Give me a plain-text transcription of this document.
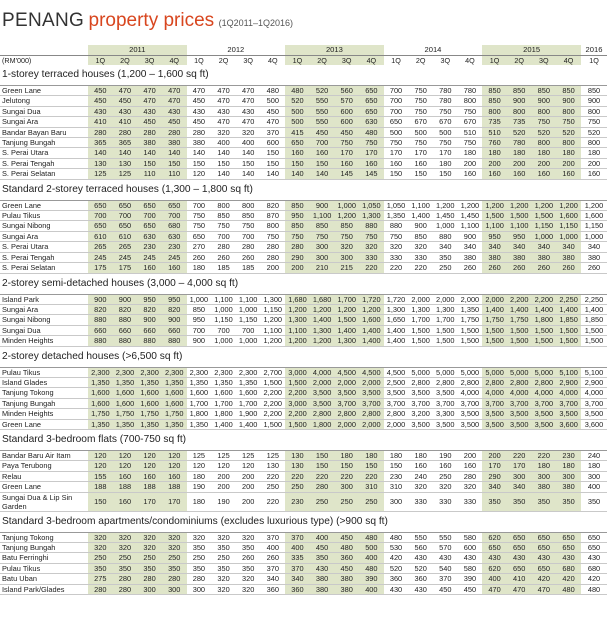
PENANG property prices (1Q2011–1Q2016)
	2011				2012				2013				2014				2015				2016
(RM'000)	1Q	2Q	3Q	4Q	1Q	2Q	3Q	4Q	1Q	2Q	3Q	4Q	1Q	2Q	3Q	4Q	1Q	2Q	3Q	4Q	1Q
1-storey terraced houses (1,200 – 1,600 sq ft)																					
Green Lane	450	470	470	470	470	470	470	480	480	520	560	650	700	750	780	780	850	850	850	850	850
Jelutong	450	450	470	470	450	470	470	500	520	550	570	650	700	750	780	800	850	900	900	900	900
Sungai Dua	430	430	430	430	430	430	430	450	500	550	600	650	700	750	750	750	800	800	800	800	800
Sungai Ara	410	410	450	450	450	470	470	470	500	550	600	630	650	670	670	670	735	735	750	750	750
Bandar Bayan Baru	280	280	280	280	280	320	320	370	415	450	450	480	500	500	500	510	510	520	520	520	520
Tanjung Bungah	365	365	380	380	380	400	400	600	650	700	750	750	750	750	750	750	760	780	800	800	800
S. Perai Utara	140	140	140	140	140	140	140	150	160	160	170	170	170	170	170	180	180	180	180	180	180
S. Perai Tengah	130	130	150	150	150	150	150	150	150	150	160	160	160	160	180	200	200	200	200	200	200
S. Perai Selatan	125	125	110	110	120	140	140	140	140	140	145	145	150	150	150	160	160	160	160	160	160
Standard 2-storey terraced houses (1,300 – 1,800 sq ft)																					
Green Lane	650	650	650	650	700	800	800	820	850	900	1,000	1,050	1,050	1,100	1,200	1,200	1,200	1,200	1,200	1,200	1,200
Pulau Tikus	700	700	700	700	750	850	850	870	950	1,100	1,200	1,300	1,350	1,400	1,450	1,450	1,500	1,500	1,500	1,600	1,600
Sungai Nibong	650	650	650	680	750	750	750	800	850	850	850	880	880	900	1,000	1,100	1,100	1,100	1,150	1,150	1,150
Sungai Ara	610	610	630	630	650	700	700	750	750	750	750	750	750	850	880	900	950	950	1,000	1,000	1,000
S. Perai Utara	265	265	230	230	270	280	280	280	280	300	320	320	320	320	340	340	340	340	340	340	340
S. Perai Tengah	245	245	245	245	260	260	260	280	290	300	300	330	330	330	350	380	380	380	380	380	380
S. Perai Selatan	175	175	160	160	180	185	185	200	200	210	215	220	220	220	250	260	260	260	260	260	260
2-storey semi-detached houses (3,000 – 4,000 sq ft)																					
Island Park	900	900	950	950	1,000	1,100	1,100	1,300	1,680	1,680	1,700	1,720	1,720	2,000	2,000	2,000	2,000	2,200	2,200	2,250	2,250
Sungai Ara	820	820	820	820	850	1,000	1,000	1,150	1,200	1,200	1,200	1,200	1,300	1,300	1,300	1,350	1,400	1,400	1,400	1,400	1,400
Sungai Nibong	880	880	900	900	950	1,150	1,150	1,200	1,300	1,400	1,500	1,600	1,650	1,700	1,700	1,750	1,750	1,750	1,800	1,850	1,850
Sungai Dua	660	660	660	660	700	700	700	1,100	1,100	1,300	1,400	1,400	1,400	1,500	1,500	1,500	1,500	1,500	1,500	1,500	1,500
Minden Heights	880	880	880	880	900	1,000	1,000	1,200	1,200	1,200	1,300	1,400	1,400	1,500	1,500	1,500	1,500	1,500	1,500	1,500	1,500
2-storey detached houses (>6,500 sq ft)																					
Pulau Tikus	2,300	2,300	2,300	2,300	2,300	2,300	2,300	2,700	3,000	4,000	4,500	4,500	4,500	5,000	5,000	5,000	5,000	5,000	5,000	5,100	5,100
Island Glades	1,350	1,350	1,350	1,350	1,350	1,350	1,350	1,500	1,500	2,000	2,000	2,000	2,500	2,800	2,800	2,800	2,800	2,800	2,800	2,900	2,900
Tanjung Tokong	1,600	1,600	1,600	1,600	1,600	1,600	1,600	2,200	2,200	3,500	3,500	3,500	3,500	3,500	3,500	4,000	4,000	4,000	4,000	4,000	4,000
Tanjung Bungah	1,600	1,600	1,600	1,600	1,700	1,700	1,700	2,200	3,000	3,500	3,700	3,700	3,700	3,700	3,700	3,700	3,700	3,700	3,700	3,700	3,700
Minden Heights	1,750	1,750	1,750	1,750	1,800	1,800	1,900	2,200	2,200	2,800	2,800	2,800	2,800	3,200	3,300	3,500	3,500	3,500	3,500	3,500	3,500
Green Lane	1,350	1,350	1,350	1,350	1,350	1,400	1,400	1,500	1,500	1,800	2,000	2,000	2,000	3,500	3,500	3,500	3,500	3,500	3,500	3,600	3,600
Standard 3-bedroom flats (700-750 sq ft)																					
Bandar Baru Air Itam	120	120	120	120	125	125	125	125	130	150	180	180	180	180	190	200	200	220	220	230	240
Paya Terubong	120	120	120	120	120	120	120	130	130	150	150	150	150	160	160	160	170	170	180	180	180
Relau	155	160	160	160	180	200	200	220	220	220	220	220	230	240	250	280	290	300	300	300	300
Green Lane	188	188	188	188	190	200	200	250	250	280	300	310	310	320	320	320	340	340	380	380	400
Sungai Dua & Lip Sin Garden	150	160	170	170	180	190	200	220	230	250	250	250	300	330	330	330	350	350	350	350	350
Standard 3-bedroom apartments/condominiums (excludes luxurious type) (>900 sq ft)																					
Tanjung Tokong	320	320	320	320	320	320	320	370	370	400	450	480	480	550	550	580	620	650	650	650	650
Tanjung Bungah	320	320	320	320	350	350	350	400	400	450	480	500	530	560	570	600	650	650	650	650	650
Batu Ferringhi	250	250	250	250	250	250	260	260	335	350	360	400	420	430	430	430	430	430	430	430	430
Pulau Tikus	350	350	350	350	350	350	350	370	370	430	450	480	520	520	540	580	620	650	650	680	680
Batu Uban	275	280	280	280	280	320	320	340	340	380	380	390	360	360	370	390	400	410	420	420	420
Island Park/Glades	280	280	300	300	300	320	320	360	360	380	380	400	430	430	450	450	470	470	470	480	480
